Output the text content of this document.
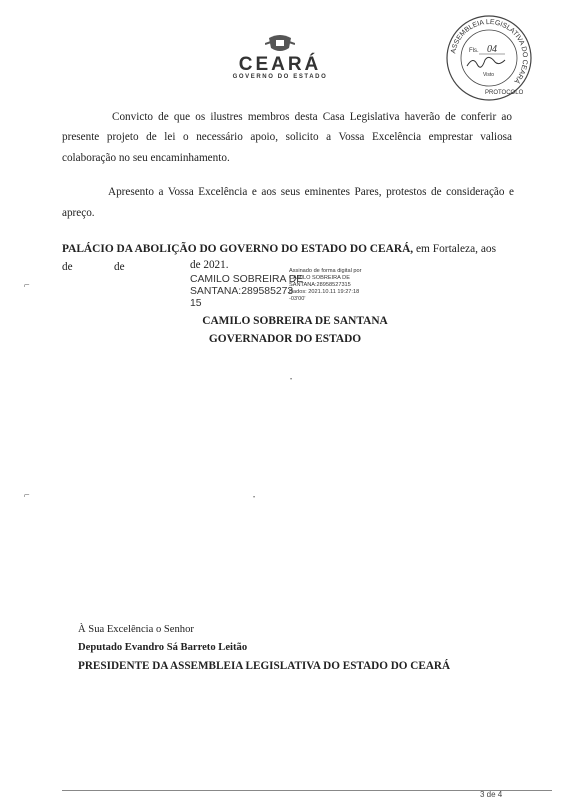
CEARÁ
GOVERNO DO ESTADO
ASSEMBLEIA LEGISLATIVA DO CEARÁ
PROTOCOLO
Fls. 04
Visto
Convicto de que os ilustres membros desta Casa Legislativa haverão de conferir ao
presente projeto de lei o necessário apoio, solicito a Vossa Excelência emprestar valiosa
colaboração no seu encaminhamento.
Apresento a Vossa Excelência e aos seus eminentes Pares, protestos de consideração e
apreço.
PALÁCIO DA ABOLIÇÃO DO GOVERNO DO ESTADO DO CEARÁ, em Fortaleza, aos
de	de	de 2021.
CAMILO SOBREIRA DE
SANTANA:289585273
15
Assinado de forma digital por
CAMILO SOBREIRA DE
SANTANA:28958527315
Dados: 2021.10.11 19:27:18
-03'00'
CAMILO SOBREIRA DE SANTANA
GOVERNADOR DO ESTADO
⌐
⌐
•
•
À Sua Excelência o Senhor
Deputado Evandro Sá Barreto Leitão
PRESIDENTE DA ASSEMBLEIA LEGISLATIVA DO ESTADO DO CEARÁ
3 de 4
